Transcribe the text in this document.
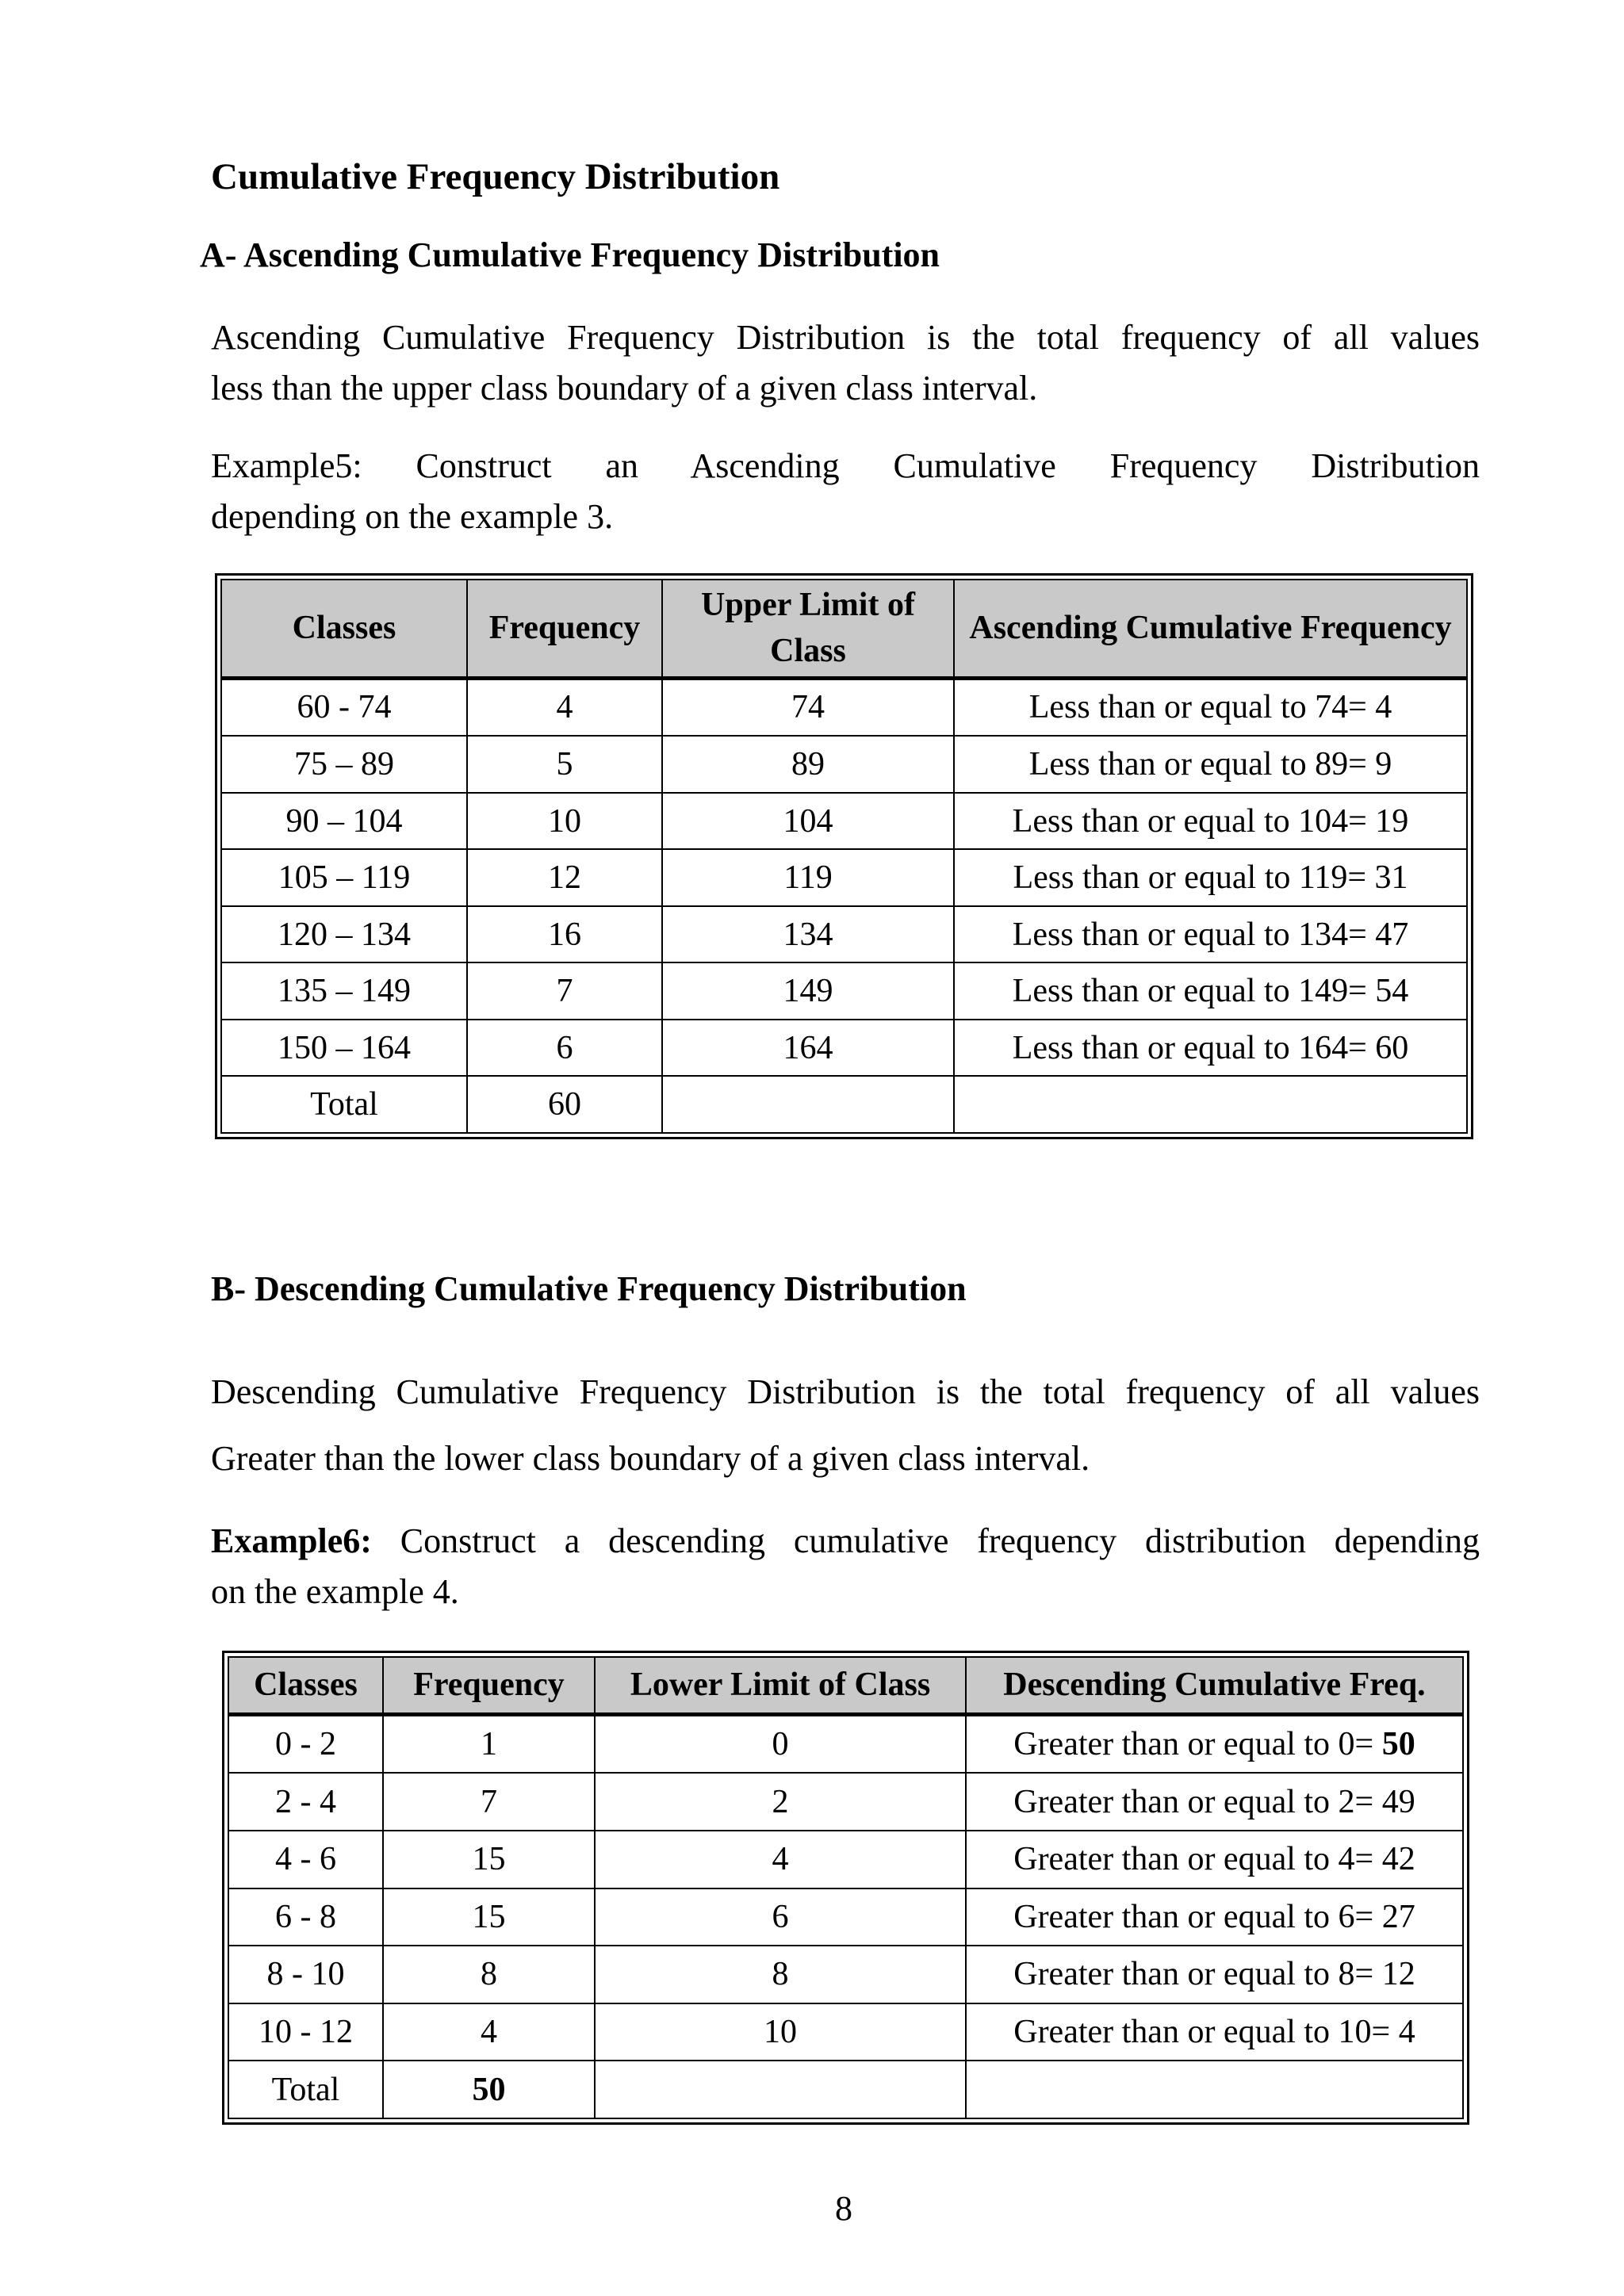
Cumulative Frequency Distribution
A- Ascending Cumulative Frequency Distribution
Ascending Cumulative Frequency Distribution is the total frequency of all values
less than the upper class boundary of a given class interval.
Example5: Construct an Ascending Cumulative Frequency Distribution
depending on the example 3.
Classes	Frequency	Upper Limit of Class	Ascending Cumulative Frequency
60 - 74	4	74	Less than or equal to 74= 4
75 – 89	5	89	Less than or equal to 89= 9
90 – 104	10	104	Less than or equal to 104= 19
105 – 119	12	119	Less than or equal to 119= 31
120 – 134	16	134	Less than or equal to 134= 47
135 – 149	7	149	Less than or equal to 149= 54
150 – 164	6	164	Less than or equal to 164= 60
Total	60		
B- Descending Cumulative Frequency Distribution
Descending Cumulative Frequency Distribution is the total frequency of all values
Greater than the lower class boundary of a given class interval.
Example6: Construct a descending cumulative frequency distribution depending
on the example 4.
Classes	Frequency	Lower Limit of Class	Descending Cumulative Freq.
0 - 2	1	0	Greater than or equal to 0= 50
2 - 4	7	2	Greater than or equal to 2= 49
4 - 6	15	4	Greater than or equal to 4= 42
6 - 8	15	6	Greater than or equal to 6= 27
8 - 10	8	8	Greater than or equal to 8= 12
10 - 12	4	10	Greater than or equal to 10= 4
Total	50		
8
